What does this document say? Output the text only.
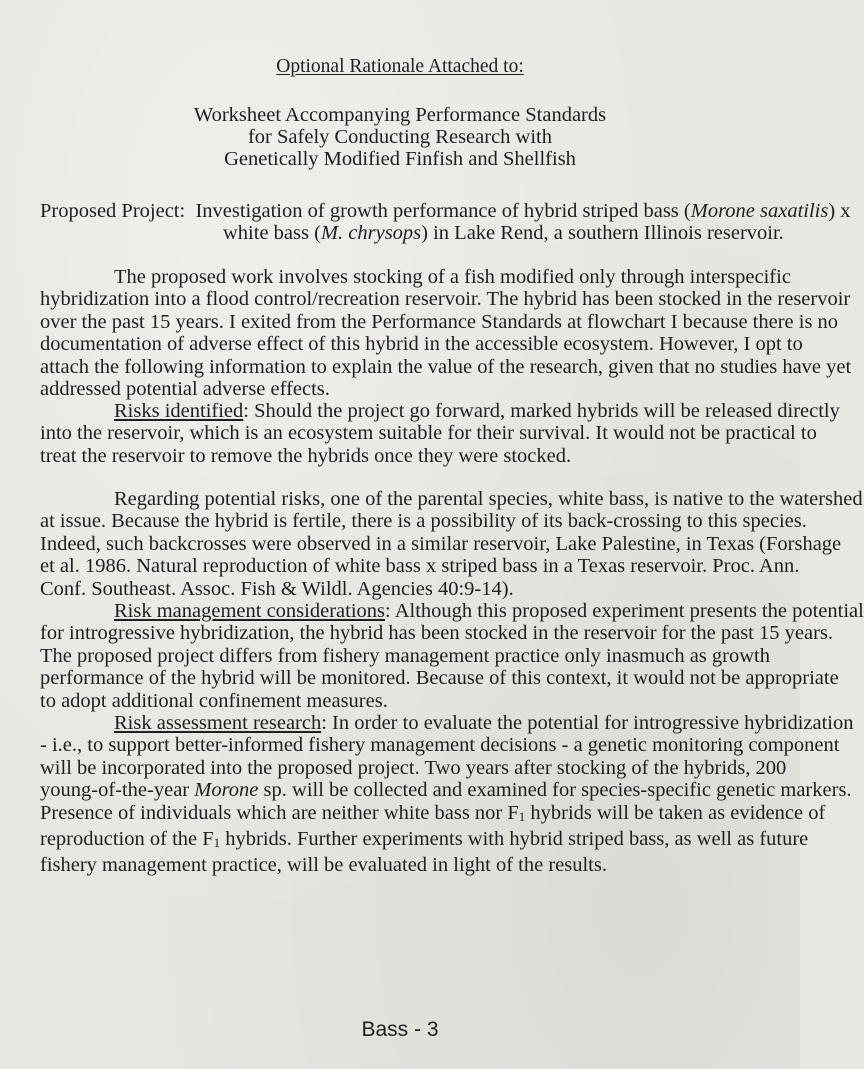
Optional Rationale Attached to:
Worksheet Accompanying Performance Standards
for Safely Conducting Research with
Genetically Modified Finfish and Shellfish
Proposed Project: Investigation of growth performance of hybrid striped bass (Morone saxatilis) x
white bass (M. chrysops) in Lake Rend, a southern Illinois reservoir.
The proposed work involves stocking of a fish modified only through interspecific
hybridization into a flood control/recreation reservoir. The hybrid has been stocked in the reservoir
over the past 15 years. I exited from the Performance Standards at flowchart I because there is no
documentation of adverse effect of this hybrid in the accessible ecosystem. However, I opt to
attach the following information to explain the value of the research, given that no studies have yet
addressed potential adverse effects.
Risks identified: Should the project go forward, marked hybrids will be released directly
into the reservoir, which is an ecosystem suitable for their survival. It would not be practical to
treat the reservoir to remove the hybrids once they were stocked.
Regarding potential risks, one of the parental species, white bass, is native to the watershed
at issue. Because the hybrid is fertile, there is a possibility of its back-crossing to this species.
Indeed, such backcrosses were observed in a similar reservoir, Lake Palestine, in Texas (Forshage
et al. 1986. Natural reproduction of white bass x striped bass in a Texas reservoir. Proc. Ann.
Conf. Southeast. Assoc. Fish & Wildl. Agencies 40:9-14).
Risk management considerations: Although this proposed experiment presents the potential
for introgressive hybridization, the hybrid has been stocked in the reservoir for the past 15 years.
The proposed project differs from fishery management practice only inasmuch as growth
performance of the hybrid will be monitored. Because of this context, it would not be appropriate
to adopt additional confinement measures.
Risk assessment research: In order to evaluate the potential for introgressive hybridization
- i.e., to support better-informed fishery management decisions - a genetic monitoring component
will be incorporated into the proposed project. Two years after stocking of the hybrids, 200
young-of-the-year Morone sp. will be collected and examined for species-specific genetic markers.
Presence of individuals which are neither white bass nor $F_1$ hybrids will be taken as evidence of
reproduction of the $F_1$ hybrids. Further experiments with hybrid striped bass, as well as future
fishery management practice, will be evaluated in light of the results.
Bass - 3
